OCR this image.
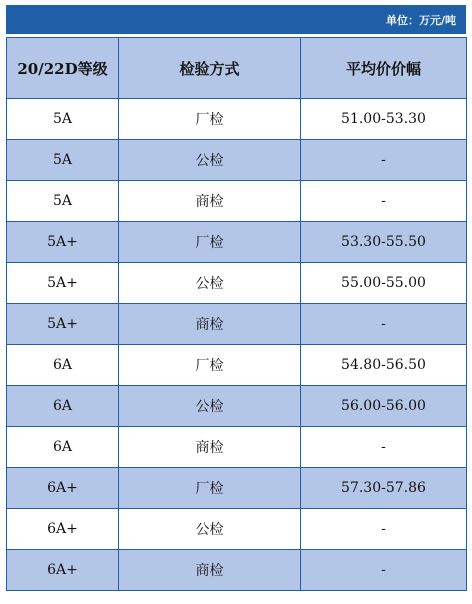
单位：万元/吨
20/22D等级	检验方式	平均价价幅
5A	厂检	51.00-53.30
5A	公检	-
5A	商检	-
5A+	厂检	53.30-55.50
5A+	公检	55.00-55.00
5A+	商检	-
6A	厂检	54.80-56.50
6A	公检	56.00-56.00
6A	商检	-
6A+	厂检	57.30-57.86
6A+	公检	-
6A+	商检	-
